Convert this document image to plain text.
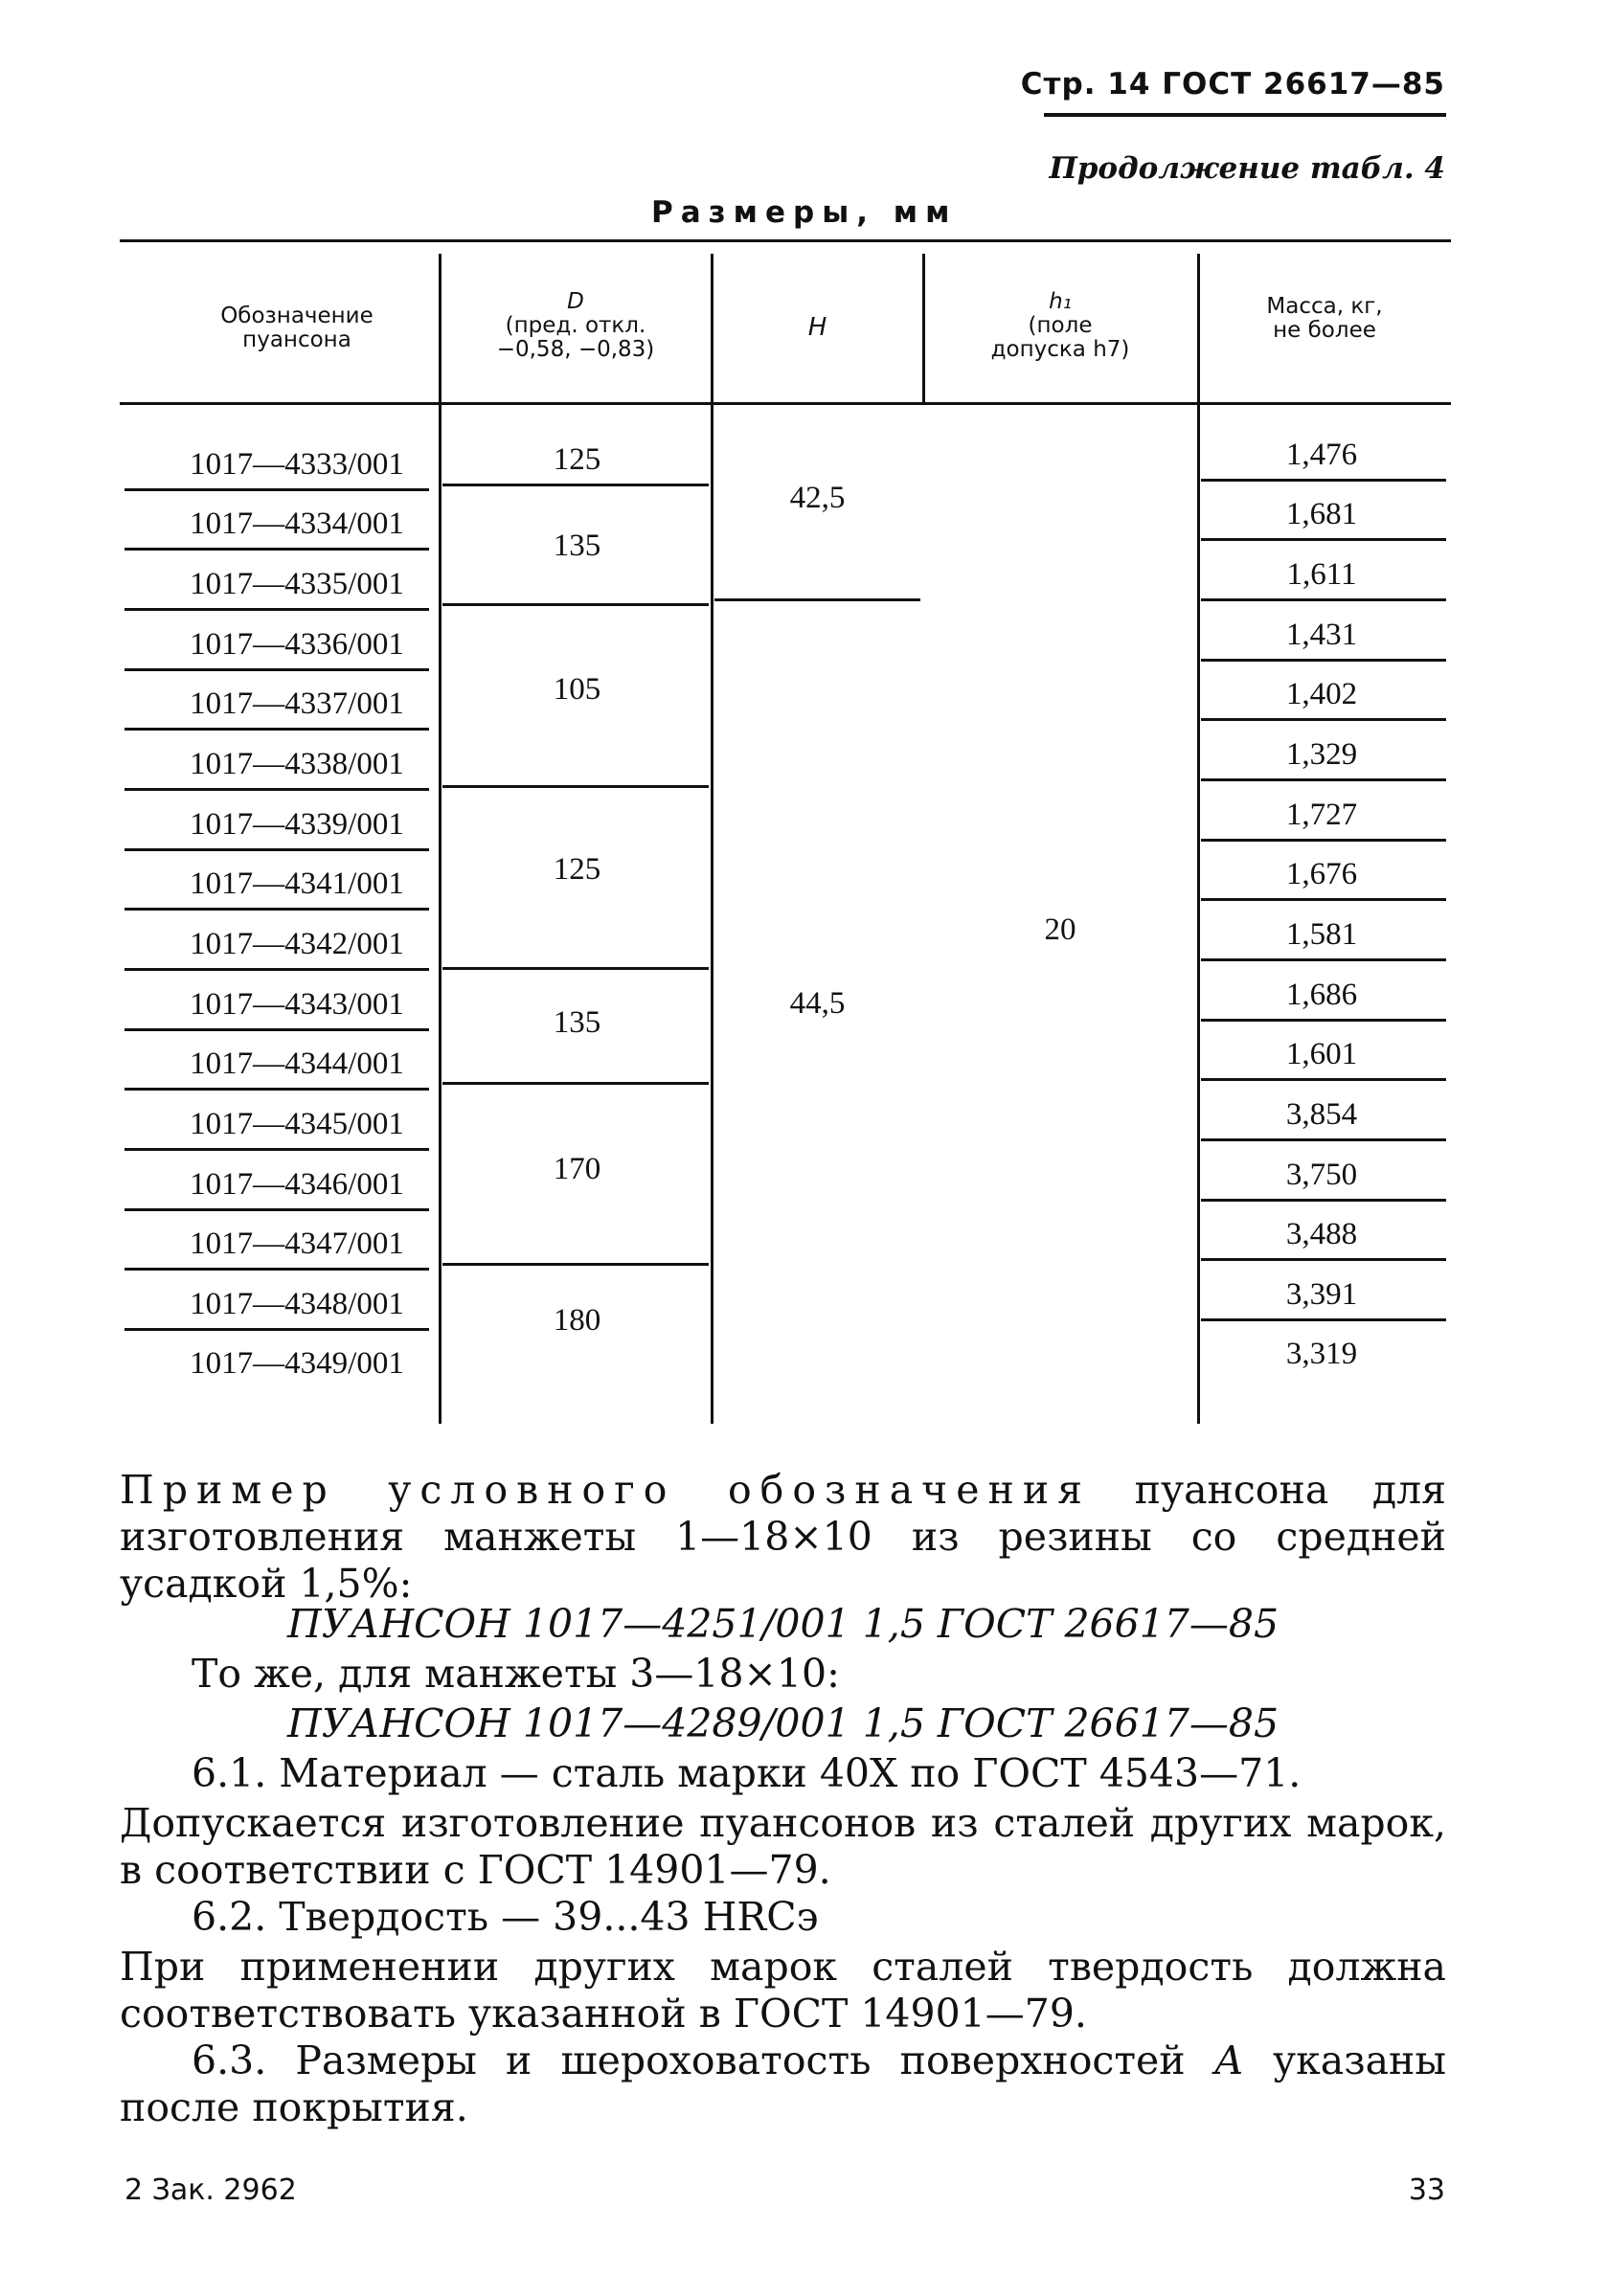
Стр. 14 ГОСТ 26617—85
Продолжение табл. 4
Размеры, мм
Обозначение
пуансона
D
(пред. откл.
−0,58, −0,83)
H
h₁
(поле
допуска h7)
Масса, кг,
не более
1017—4333/001
1017—4334/001
1017—4335/001
1017—4336/001
1017—4337/001
1017—4338/001
1017—4339/001
1017—4341/001
1017—4342/001
1017—4343/001
1017—4344/001
1017—4345/001
1017—4346/001
1017—4347/001
1017—4348/001
1017—4349/001
125
135
105
125
135
170
180
42,5
44,5
20
1,476
1,681
1,611
1,431
1,402
1,329
1,727
1,676
1,581
1,686
1,601
3,854
3,750
3,488
3,391
3,319
Пример условного обозначения пуансона для изготовления манжеты 1—18×10 из резины со средней усадкой 1,5%:
ПУАНСОН 1017—4251/001 1,5 ГОСТ 26617—85
То же, для манжеты 3—18×10:
ПУАНСОН 1017—4289/001 1,5 ГОСТ 26617—85
6.1. Материал — сталь марки 40Х по ГОСТ 4543—71.
Допускается изготовление пуансонов из сталей других марок, в соответствии с ГОСТ 14901—79.
6.2. Твердость — 39...43 HRCэ
При применении других марок сталей твердость должна соответствовать указанной в ГОСТ 14901—79.
6.3. Размеры и шероховатость поверхностей А указаны после покрытия.
2 Зак. 2962	33
